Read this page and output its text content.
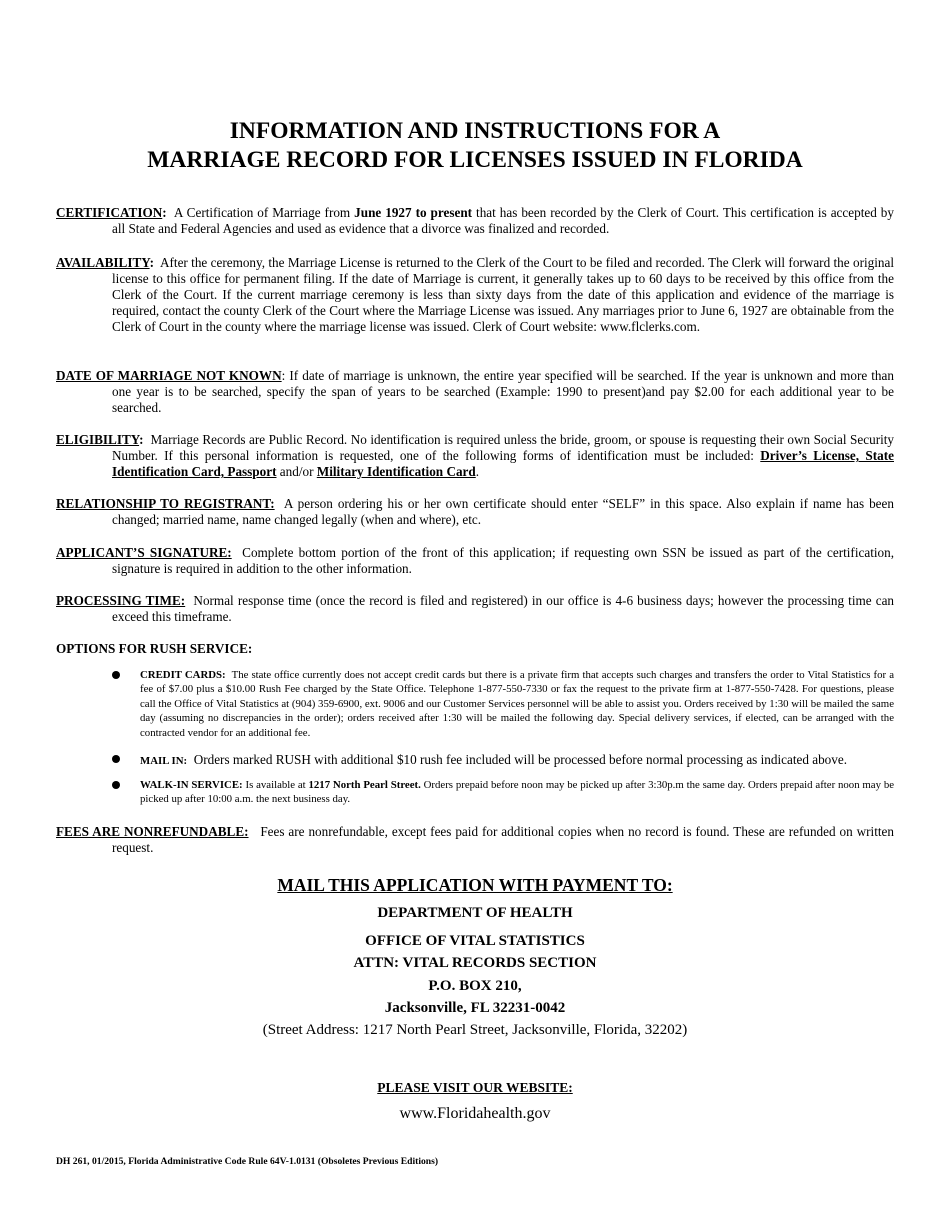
INFORMATION AND INSTRUCTIONS FOR A
MARRIAGE RECORD FOR LICENSES ISSUED IN FLORIDA
CERTIFICATION: A Certification of Marriage from June 1927 to present that has been recorded by the Clerk of Court. This certification is accepted by all State and Federal Agencies and used as evidence that a divorce was finalized and recorded.
AVAILABILITY: After the ceremony, the Marriage License is returned to the Clerk of the Court to be filed and recorded. The Clerk will forward the original license to this office for permanent filing. If the date of Marriage is current, it generally takes up to 60 days to be received by this office from the Clerk of the Court. If the current marriage ceremony is less than sixty days from the date of this application and evidence of the marriage is required, contact the county Clerk of the Court where the Marriage License was issued. Any marriages prior to June 6, 1927 are obtainable from the Clerk of Court in the county where the marriage license was issued. Clerk of Court website: www.flclerks.com.
DATE OF MARRIAGE NOT KNOWN: If date of marriage is unknown, the entire year specified will be searched. If the year is unknown and more than one year is to be searched, specify the span of years to be searched (Example: 1990 to present)and pay $2.00 for each additional year to be searched.
ELIGIBILITY: Marriage Records are Public Record. No identification is required unless the bride, groom, or spouse is requesting their own Social Security Number. If this personal information is requested, one of the following forms of identification must be included: Driver’s License, State Identification Card, Passport and/or Military Identification Card.
RELATIONSHIP TO REGISTRANT: A person ordering his or her own certificate should enter “SELF” in this space. Also explain if name has been changed; married name, name changed legally (when and where), etc.
APPLICANT’S SIGNATURE: Complete bottom portion of the front of this application; if requesting own SSN be issued as part of the certification, signature is required in addition to the other information.
PROCESSING TIME: Normal response time (once the record is filed and registered) in our office is 4-6 business days; however the processing time can exceed this timeframe.
OPTIONS FOR RUSH SERVICE:
CREDIT CARDS: The state office currently does not accept credit cards but there is a private firm that accepts such charges and transfers the order to Vital Statistics for a fee of $7.00 plus a $10.00 Rush Fee charged by the State Office. Telephone 1-877-550-7330 or fax the request to the private firm at 1-877-550-7428. For questions, please call the Office of Vital Statistics at (904) 359-6900, ext. 9006 and our Customer Services personnel will be able to assist you. Orders received by 1:30 will be mailed the same day (assuming no discrepancies in the order); orders received after 1:30 will be mailed the following day. Special delivery services, if elected, can be arranged with the contracted vendor for an additional fee.
MAIL IN: Orders marked RUSH with additional $10 rush fee included will be processed before normal processing as indicated above.
WALK-IN SERVICE: Is available at 1217 North Pearl Street. Orders prepaid before noon may be picked up after 3:30p.m the same day. Orders prepaid after noon may be picked up after 10:00 a.m. the next business day.
FEES ARE NONREFUNDABLE: Fees are nonrefundable, except fees paid for additional copies when no record is found. These are refunded on written request.
MAIL THIS APPLICATION WITH PAYMENT TO:
DEPARTMENT OF HEALTH
OFFICE OF VITAL STATISTICS
ATTN: VITAL RECORDS SECTION
P.O. BOX 210,
Jacksonville, FL 32231-0042
(Street Address: 1217 North Pearl Street, Jacksonville, Florida, 32202)
PLEASE VISIT OUR WEBSITE:
www.Floridahealth.gov
DH 261, 01/2015, Florida Administrative Code Rule 64V-1.0131 (Obsoletes Previous Editions)
